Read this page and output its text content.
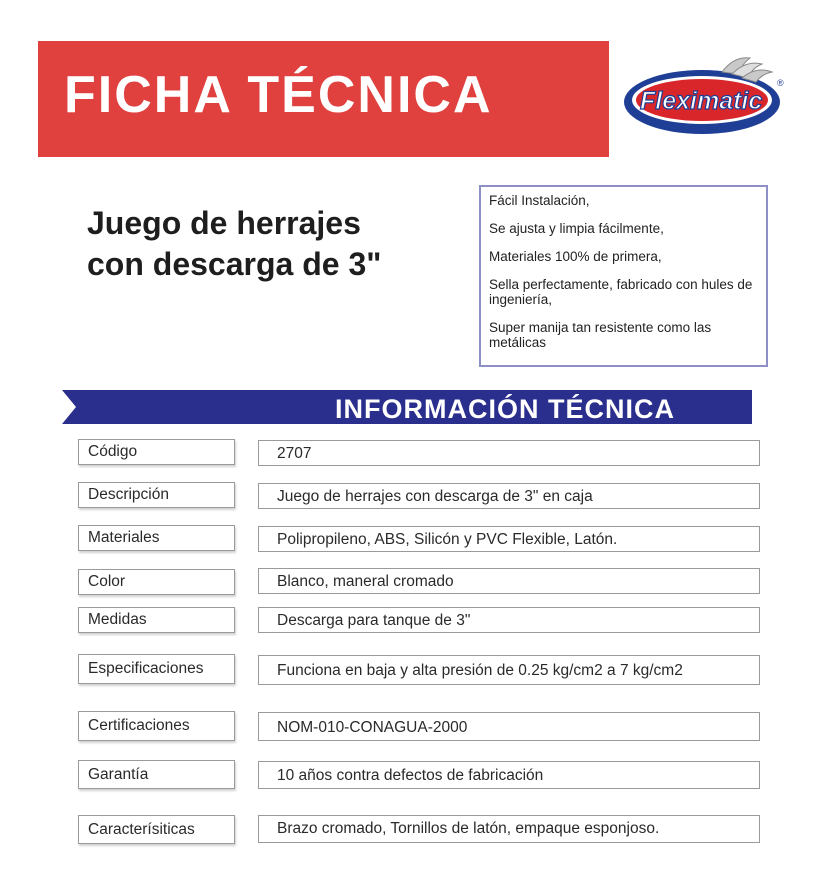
FICHA TÉCNICA	Fleximatic
®
Juego de herrajes
con descarga de 3"

Fácil Instalación,

Se ajusta y limpia fácilmente,

Materiales 100% de primera,

Sella perfectamente, fabricado con hules de ingeniería,

Super manija tan resistente como las metálicas

INFORMACIÓN TÉCNICA
Código	2707
Descripción	Juego de herrajes con descarga de 3" en caja
Materiales	Polipropileno, ABS, Silicón y PVC Flexible, Latón.
Color	Blanco, maneral cromado
Medidas	Descarga para tanque de 3"
Especificaciones	Funciona en baja y alta presión de 0.25 kg/cm2 a 7 kg/cm2
Certificaciones	NOM-010-CONAGUA-2000
Garantía	10 años contra defectos de fabricación
Caracterísiticas	Brazo cromado, Tornillos de latón, empaque esponjoso.
